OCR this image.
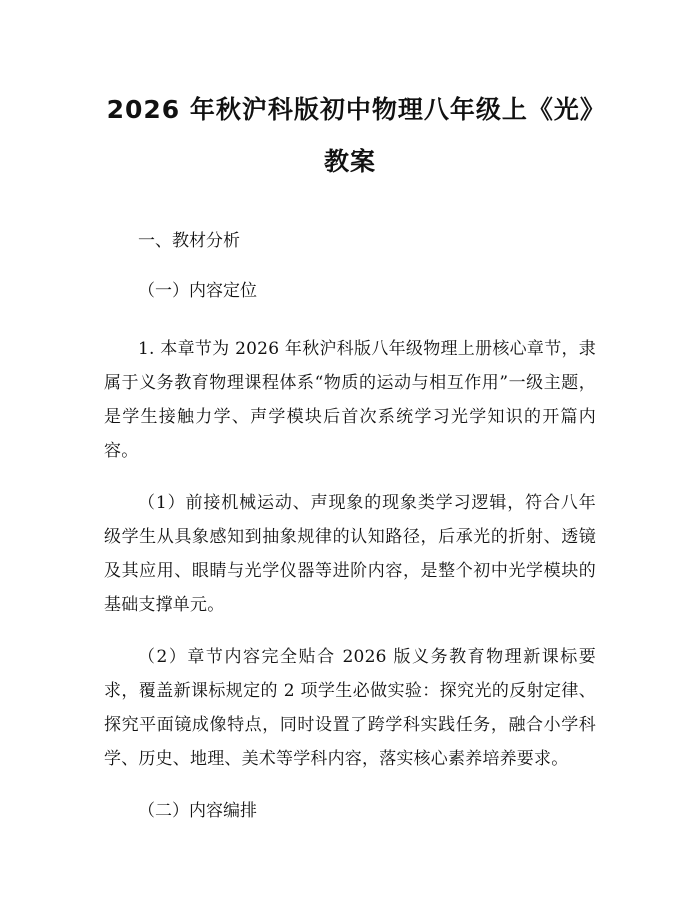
2026 年秋沪科版初中物理八年级上《光》教案

一、教材分析

（一）内容定位

1. 本章节为 2026 年秋沪科版八年级物理上册核心章节，隶属于义务教育物理课程体系“物质的运动与相互作用”一级主题，是学生接触力学、声学模块后首次系统学习光学知识的开篇内容。

（1）前接机械运动、声现象的现象类学习逻辑，符合八年级学生从具象感知到抽象规律的认知路径，后承光的折射、透镜及其应用、眼睛与光学仪器等进阶内容，是整个初中光学模块的基础支撑单元。

（2）章节内容完全贴合 2026 版义务教育物理新课标要求，覆盖新课标规定的 2 项学生必做实验：探究光的反射定律、探究平面镜成像特点，同时设置了跨学科实践任务，融合小学科学、历史、地理、美术等学科内容，落实核心素养培养要求。

（二）内容编排
